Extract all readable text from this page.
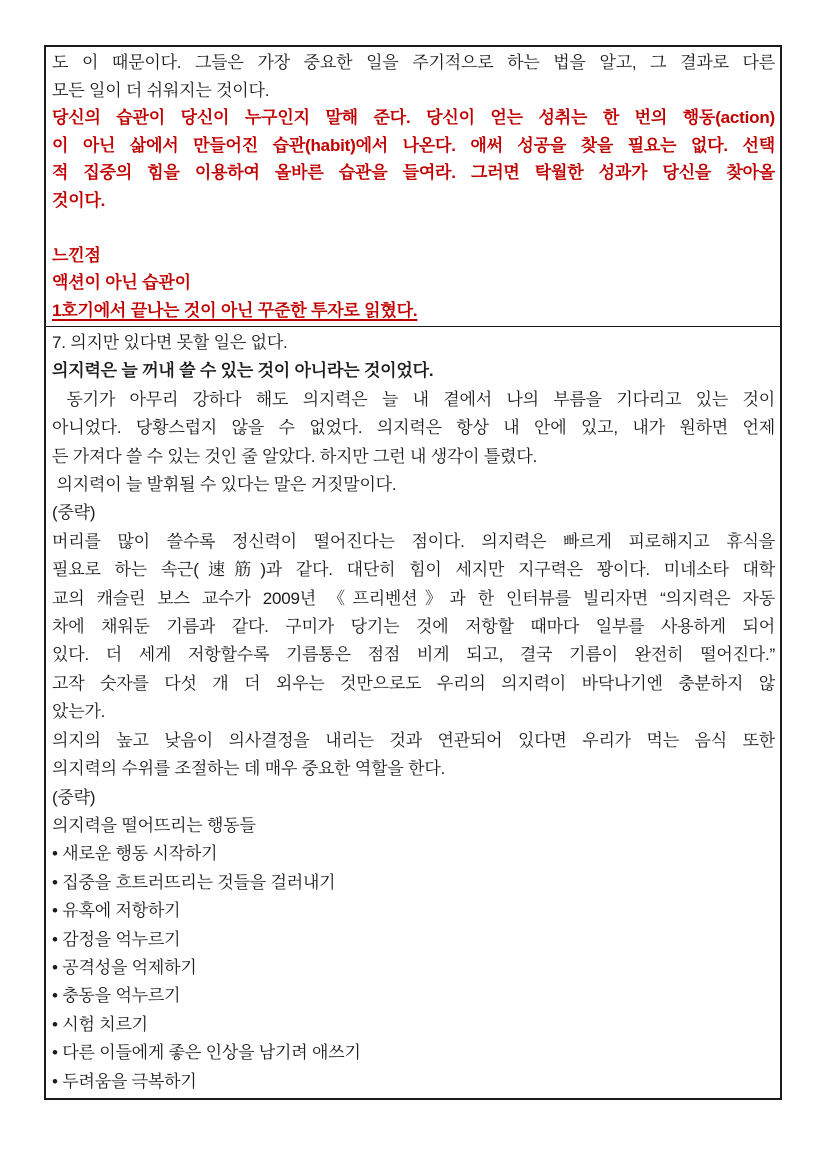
도 이 때문이다. 그들은 가장 중요한 일을 주기적으로 하는 법을 알고, 그 결과로 다른
모든 일이 더 쉬워지는 것이다.
당신의 습관이 당신이 누구인지 말해 준다. 당신이 얻는 성취는 한 번의 행동(action)
이 아닌 삶에서 만들어진 습관(habit)에서 나온다. 애써 성공을 찾을 필요는 없다. 선택
적 집중의 힘을 이용하여 올바른 습관을 들여라. 그러면 탁월한 성과가 당신을 찾아올
것이다.

느낀점
액션이 아닌 습관이
1호기에서 끝나는 것이 아닌 꾸준한 투자로 읽혔다.
7. 의지만 있다면 못할 일은 없다.
의지력은 늘 꺼내 쓸 수 있는 것이 아니라는 것이었다.
동기가 아무리 강하다 해도 의지력은 늘 내 곁에서 나의 부름을 기다리고 있는 것이
아니었다. 당황스럽지 않을 수 없었다. 의지력은 항상 내 안에 있고, 내가 원하면 언제
든 가져다 쓸 수 있는 것인 줄 알았다. 하지만 그런 내 생각이 틀렸다.
의지력이 늘 발휘될 수 있다는 말은 거짓말이다.
(중략)
머리를 많이 쓸수록 정신력이 떨어진다는 점이다. 의지력은 빠르게 피로해지고 휴식을
필요로 하는 속근(速筋)과 같다. 대단히 힘이 세지만 지구력은 꽝이다. 미네소타 대학
교의 캐슬린 보스 교수가 2009년 《프리벤션》과 한 인터뷰를 빌리자면 “의지력은 자동
차에 채워둔 기름과 같다. 구미가 당기는 것에 저항할 때마다 일부를 사용하게 되어
있다. 더 세게 저항할수록 기름통은 점점 비게 되고, 결국 기름이 완전히 떨어진다.”
고작 숫자를 다섯 개 더 외우는 것만으로도 우리의 의지력이 바닥나기엔 충분하지 않
았는가.
의지의 높고 낮음이 의사결정을 내리는 것과 연관되어 있다면 우리가 먹는 음식 또한
의지력의 수위를 조절하는 데 매우 중요한 역할을 한다.
(중략)
의지력을 떨어뜨리는 행동들
• 새로운 행동 시작하기
• 집중을 흐트러뜨리는 것들을 걸러내기
• 유혹에 저항하기
• 감정을 억누르기
• 공격성을 억제하기
• 충동을 억누르기
• 시험 치르기
• 다른 이들에게 좋은 인상을 남기려 애쓰기
• 두려움을 극복하기
